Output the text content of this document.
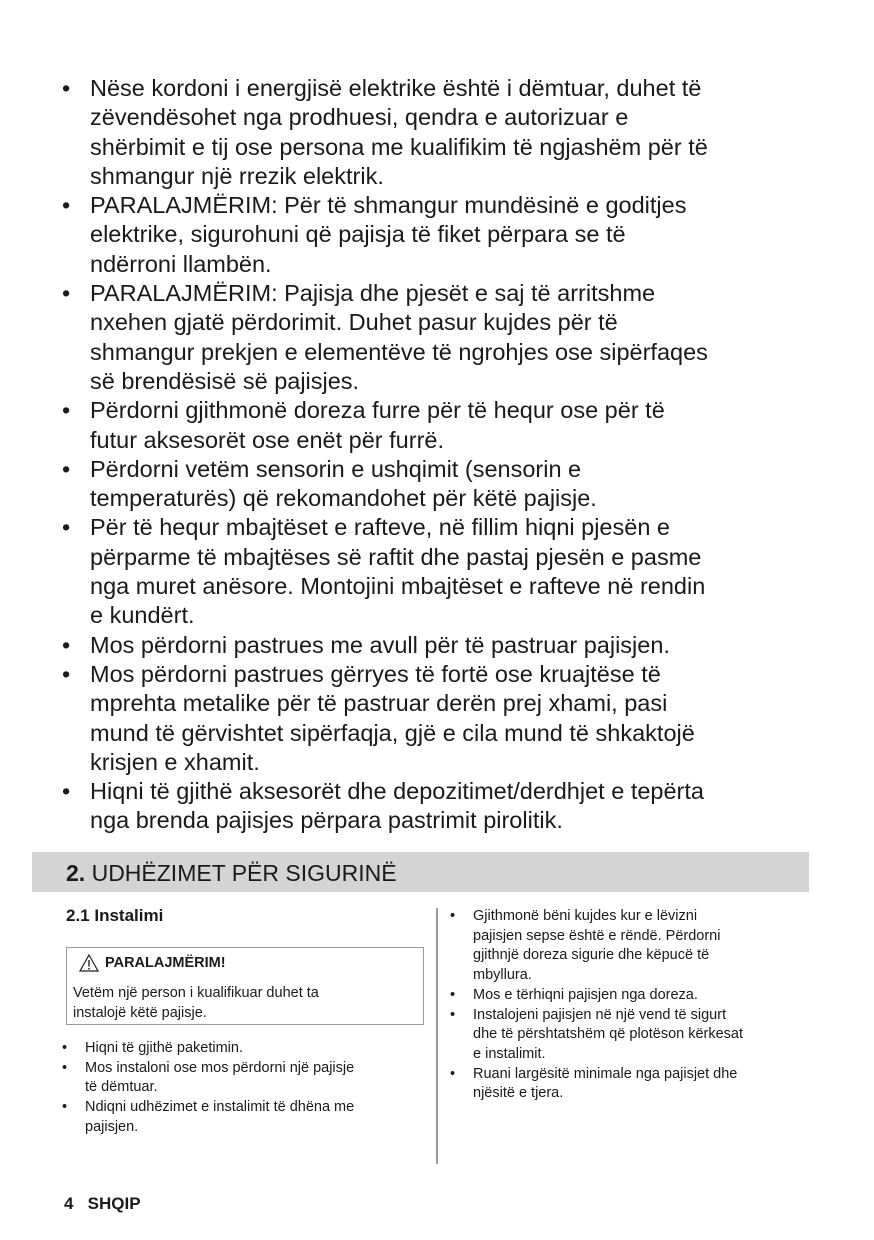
• Nëse kordoni i energjisë elektrike është i dëmtuar, duhet të
zëvendësohet nga prodhuesi, qendra e autorizuar e
shërbimit e tij ose persona me kualifikim të ngjashëm për të
shmangur një rrezik elektrik.
• PARALAJMËRIM: Për të shmangur mundësinë e goditjes
elektrike, sigurohuni që pajisja të fiket përpara se të
ndërroni llambën.
• PARALAJMËRIM: Pajisja dhe pjesët e saj të arritshme
nxehen gjatë përdorimit. Duhet pasur kujdes për të
shmangur prekjen e elementëve të ngrohjes ose sipërfaqes
së brendësisë së pajisjes.
• Përdorni gjithmonë doreza furre për të hequr ose për të
futur aksesorët ose enët për furrë.
• Përdorni vetëm sensorin e ushqimit (sensorin e
temperaturës) që rekomandohet për këtë pajisje.
• Për të hequr mbajtëset e rafteve, në fillim hiqni pjesën e
përparme të mbajtëses së raftit dhe pastaj pjesën e pasme
nga muret anësore. Montojini mbajtëset e rafteve në rendin
e kundërt.
• Mos përdorni pastrues me avull për të pastruar pajisjen.
• Mos përdorni pastrues gërryes të fortë ose kruajtëse të
mprehta metalike për të pastruar derën prej xhami, pasi
mund të gërvishtet sipërfaqja, gjë e cila mund të shkaktojë
krisjen e xhamit.
• Hiqni të gjithë aksesorët dhe depozitimet/derdhjet e tepërta
nga brenda pajisjes përpara pastrimit pirolitik.
2. UDHËZIMET PËR SIGURINË
2.1 Instalimi
PARALAJMËRIM!
Vetëm një person i kualifikuar duhet ta
instalojë këtë pajisje.
• Hiqni të gjithë paketimin.
• Mos instaloni ose mos përdorni një pajisje
të dëmtuar.
• Ndiqni udhëzimet e instalimit të dhëna me
pajisjen.
• Gjithmonë bëni kujdes kur e lëvizni
pajisjen sepse është e rëndë. Përdorni
gjithnjë doreza sigurie dhe këpucë të
mbyllura.
• Mos e tërhiqni pajisjen nga doreza.
• Instalojeni pajisjen në një vend të sigurt
dhe të përshtatshëm që plotëson kërkesat
e instalimit.
• Ruani largësitë minimale nga pajisjet dhe
njësitë e tjera.
4 SHQIP
